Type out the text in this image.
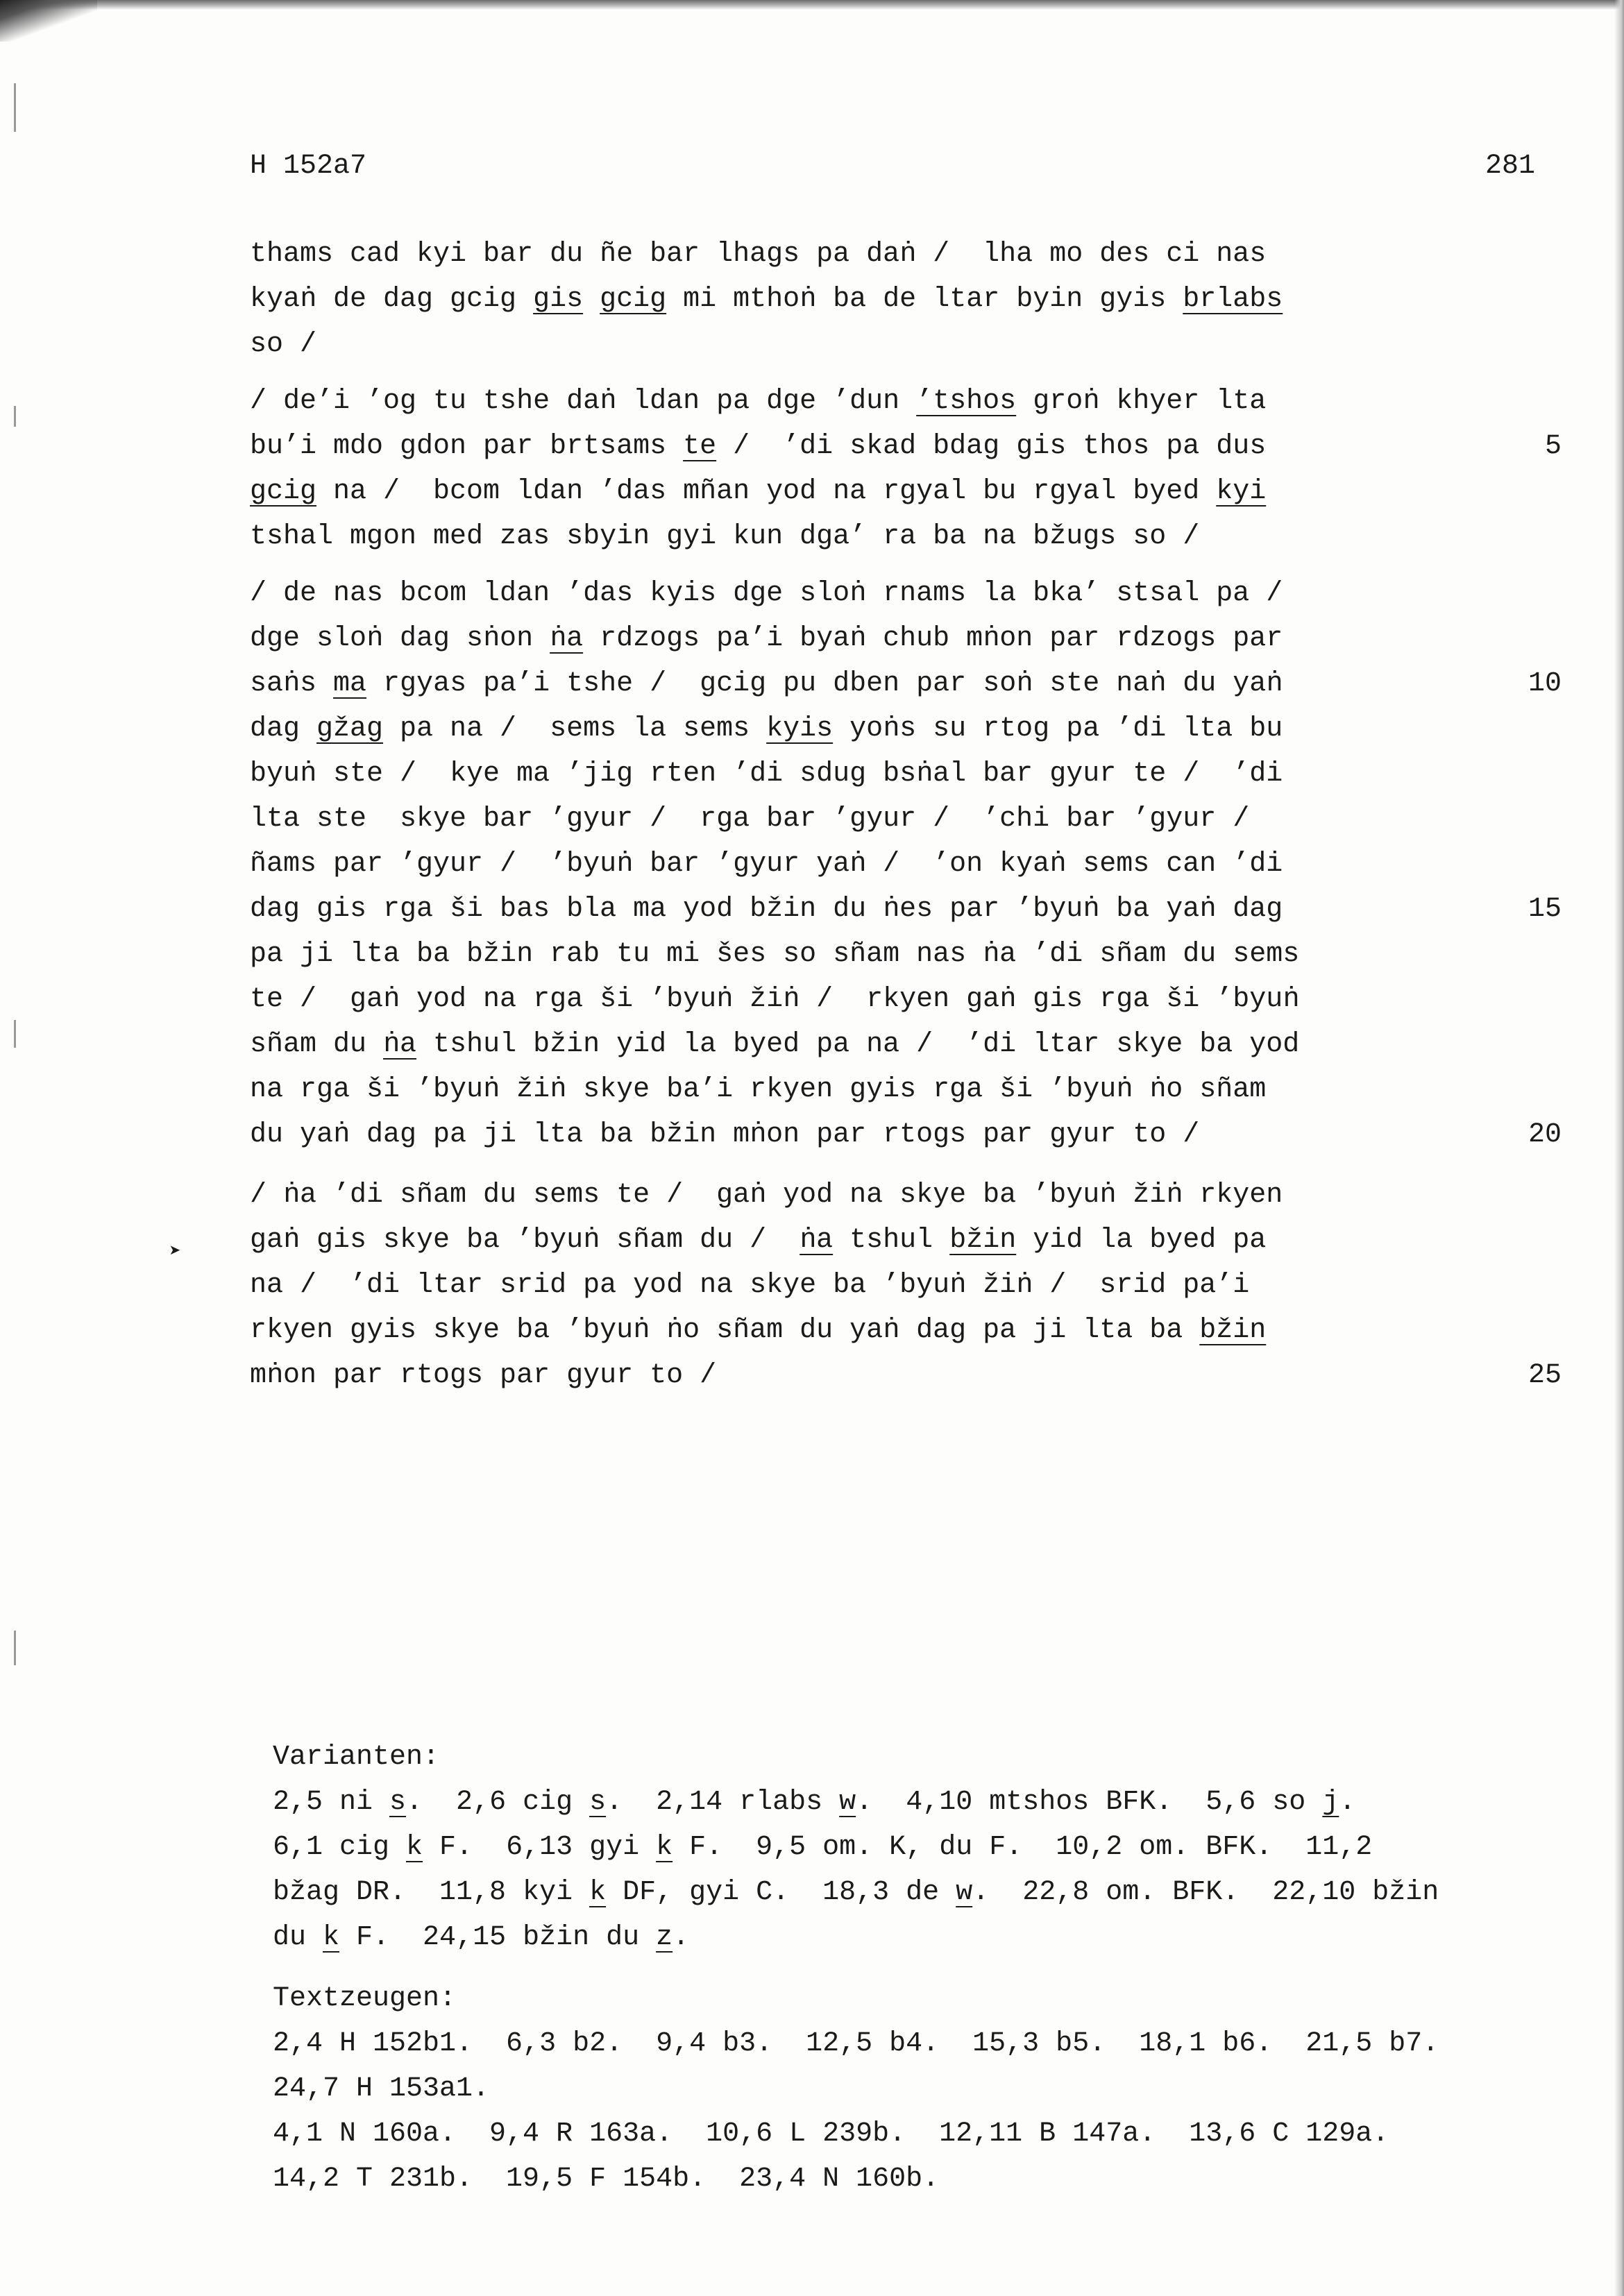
➤
H 152a7	281
thams cad kyi bar du ñe bar lhags pa daṅ /  lha mo des ci nas
kyaṅ de dag gcig gis gcig mi mthoṅ ba de ltar byin gyis brlabs
so /
/ de’i ’og tu tshe daṅ ldan pa dge ’dun ’tshos groṅ khyer lta
bu’i mdo gdon par brtsams te /  ’di skad bdag gis thos pa dus	5
gcig na /  bcom ldan ’das mñan yod na rgyal bu rgyal byed kyi
tshal mgon med zas sbyin gyi kun dga’ ra ba na bžugs so /
/ de nas bcom ldan ’das kyis dge sloṅ rnams la bka’ stsal pa /
dge sloṅ dag sṅon ṅa rdzogs pa’i byaṅ chub mṅon par rdzogs par
saṅs ma rgyas pa’i tshe /  gcig pu dben par soṅ ste naṅ du yaṅ	10
dag gžag pa na /  sems la sems kyis yoṅs su rtog pa ’di lta bu
byuṅ ste /  kye ma ’jig rten ’di sdug bsṅal bar gyur te /  ’di
lta ste  skye bar ’gyur /  rga bar ’gyur /  ’chi bar ’gyur /
ñams par ’gyur /  ’byuṅ bar ’gyur yaṅ /  ’on kyaṅ sems can ’di
dag gis rga ši bas bla ma yod bžin du ṅes par ’byuṅ ba yaṅ dag	15
pa ji lta ba bžin rab tu mi šes so sñam nas ṅa ’di sñam du sems
te /  gaṅ yod na rga ši ’byuṅ žiṅ /  rkyen gaṅ gis rga ši ’byuṅ
sñam du ṅa tshul bžin yid la byed pa na /  ’di ltar skye ba yod
na rga ši ’byuṅ žiṅ skye ba’i rkyen gyis rga ši ’byuṅ ṅo sñam
du yaṅ dag pa ji lta ba bžin mṅon par rtogs par gyur to /	20
/ ṅa ’di sñam du sems te /  gaṅ yod na skye ba ’byuṅ žiṅ rkyen
gaṅ gis skye ba ’byuṅ sñam du /  ṅa tshul bžin yid la byed pa
na /  ’di ltar srid pa yod na skye ba ’byuṅ žiṅ /  srid pa’i
rkyen gyis skye ba ’byuṅ ṅo sñam du yaṅ dag pa ji lta ba bžin
mṅon par rtogs par gyur to /	25
Varianten:
2,5 ni s.  2,6 cig s.  2,14 rlabs w.  4,10 mtshos BFK.  5,6 so j.
6,1 cig k F.  6,13 gyi k F.  9,5 om. K, du F.  10,2 om. BFK.  11,2
bžag DR.  11,8 kyi k DF, gyi C.  18,3 de w.  22,8 om. BFK.  22,10 bžin
du k F.  24,15 bžin du z.
Textzeugen:
2,4 H 152b1.  6,3 b2.  9,4 b3.  12,5 b4.  15,3 b5.  18,1 b6.  21,5 b7.
24,7 H 153a1.
4,1 N 160a.  9,4 R 163a.  10,6 L 239b.  12,11 B 147a.  13,6 C 129a.
14,2 T 231b.  19,5 F 154b.  23,4 N 160b.
